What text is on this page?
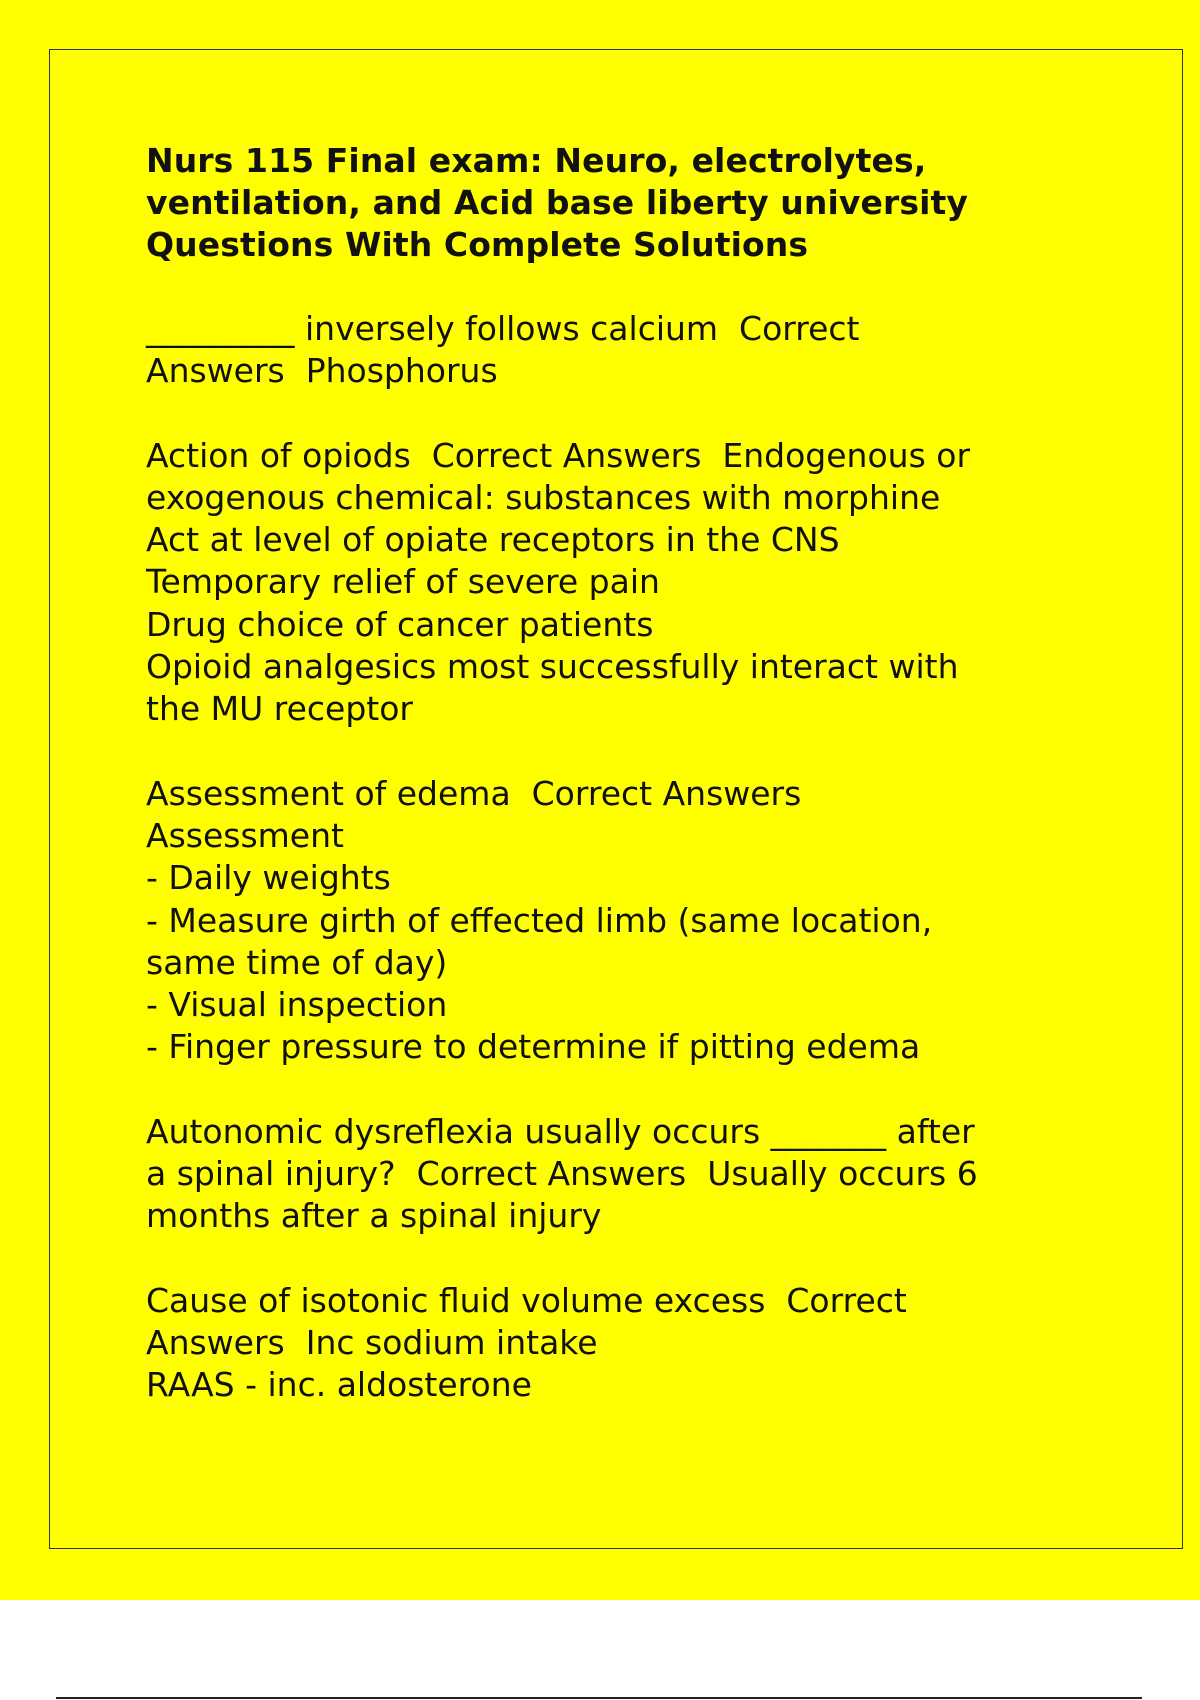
Nurs 115 Final exam: Neuro, electrolytes,
ventilation, and Acid base liberty university
Questions With Complete Solutions
_________ inversely follows calcium  Correct
Answers  Phosphorus
Action of opiods  Correct Answers  Endogenous or
exogenous chemical: substances with morphine
Act at level of opiate receptors in the CNS
Temporary relief of severe pain
Drug choice of cancer patients
Opioid analgesics most successfully interact with
the MU receptor
Assessment of edema  Correct Answers
Assessment
- Daily weights
- Measure girth of effected limb (same location,
same time of day)
- Visual inspection
- Finger pressure to determine if pitting edema
Autonomic dysreflexia usually occurs _______ after
a spinal injury?  Correct Answers  Usually occurs 6
months after a spinal injury
Cause of isotonic fluid volume excess  Correct
Answers  Inc sodium intake
RAAS - inc. aldosterone
